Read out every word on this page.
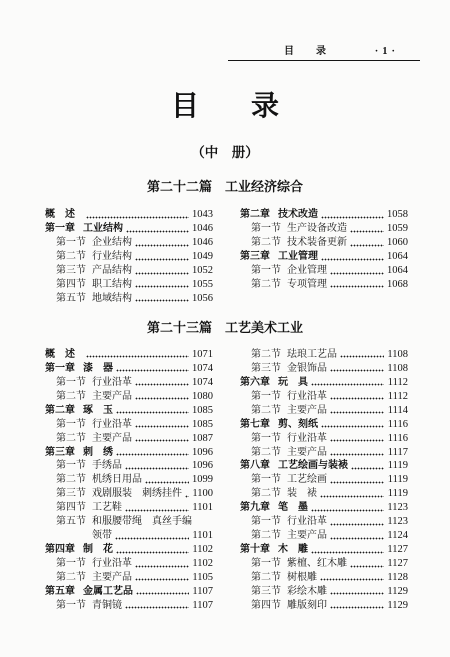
目　录	·1·
目　录
（中　册）
第二十二篇　工业经济综合
概　述	1043
第一章 工业结构	1046
第一节 企业结构	1046
第二节 行业结构	1049
第三节 产品结构	1052
第四节 职工结构	1055
第五节 地域结构	1056
第二章 技术改造	1058
第一节 生产设备改造	1059
第二节 技术装备更新	1060
第三章 工业管理	1064
第一节 企业管理	1064
第二节 专项管理	1068
第二十三篇　工艺美术工业
概　述	1071
第一章 漆　器	1074
第一节 行业沿革	1074
第二节 主要产品	1080
第二章 琢　玉	1085
第一节 行业沿革	1085
第二节 主要产品	1087
第三章 刺　绣	1096
第一节 手绣品	1096
第二节 机绣日用品	1099
第三节 戏剧服装　刺绣挂件 1100
第四节 工艺鞋	1101
第五节 和服腰带绳　真丝手编
领带	1101
第四章 制　花	1102
第一节 行业沿革	1102
第二节 主要产品	1105
第五章 金属工艺品	1107
第一节 青铜镜	1107
第二节 珐琅工艺品	1108
第三节 金银饰品	1108
第六章 玩　具	1112
第一节 行业沿革	1112
第二节 主要产品	1114
第七章 剪、刻纸	1116
第一节 行业沿革	1116
第二节 主要产品	1117
第八章 工艺绘画与装裱	1119
第一节 工艺绘画	1119
第二节 装　裱	1119
第九章 笔　墨	1123
第一节 行业沿革	1123
第二节 主要产品	1124
第十章 木　雕	1127
第一节 紫檀、红木雕	1127
第二节 树根雕	1128
第三节 彩绘木雕	1129
第四节 雕版刻印	1129
